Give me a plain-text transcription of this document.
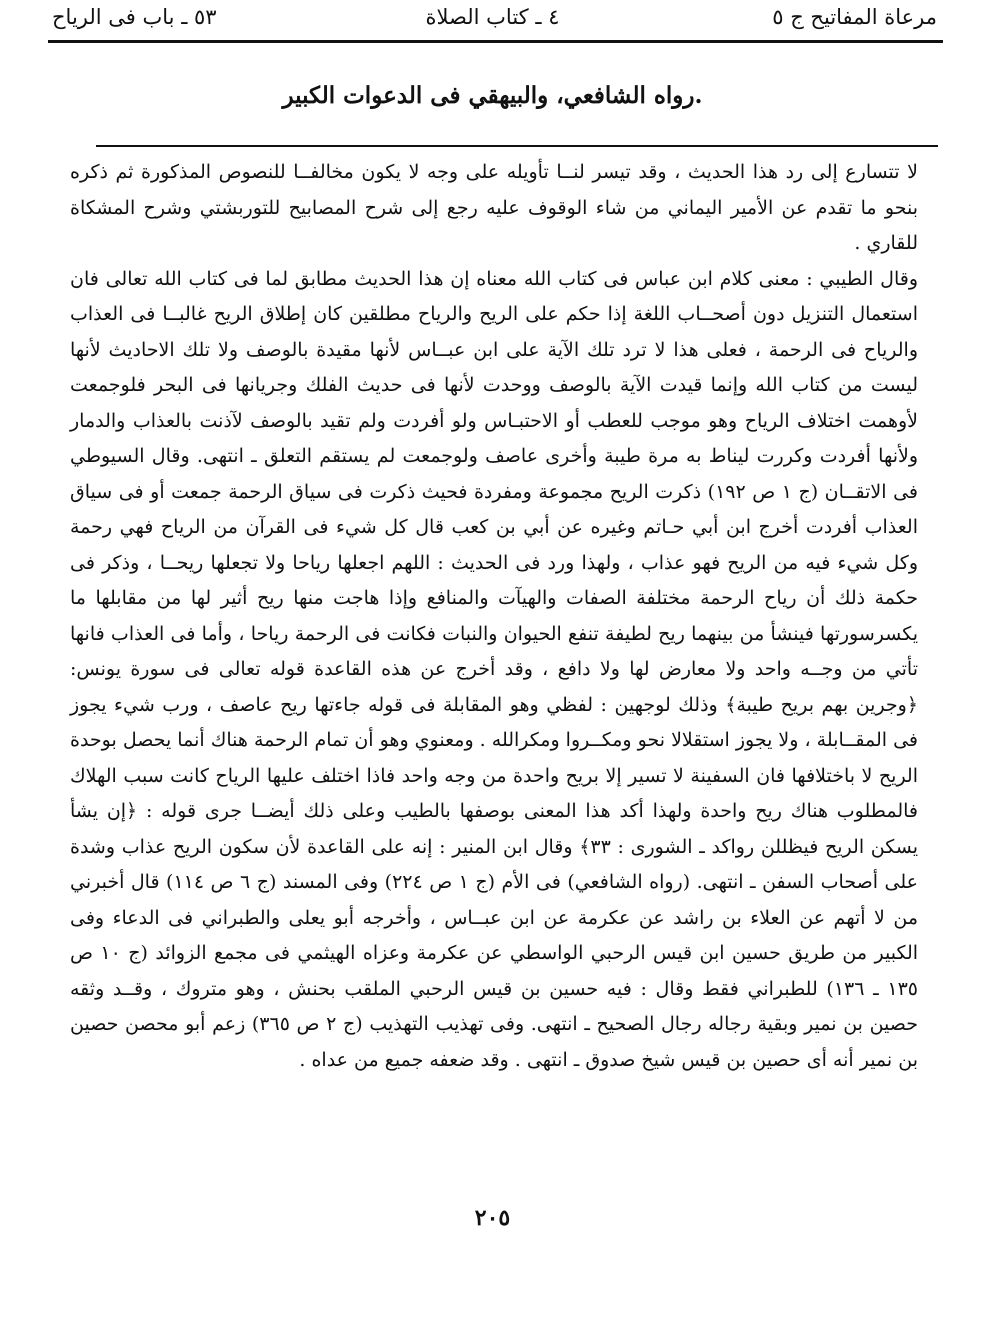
مرعاة المفاتيح ج ٥
٤ ـ كتاب الصلاة
٥٣ ـ باب فى الرياح
رواه الشافعي، والبيهقي فى الدعوات الكبير.

لا تتسارع إلى رد هذا الحديث ، وقد تيسر لنــا تأويله على وجه لا يكون مخالفــا للنصوص المذكورة ثم ذكره بنحو ما تقدم عن الأمير اليماني من شاء الوقوف عليه رجع إلى شرح المصابيح للتوربشتي وشرح المشكاة للقاري .

وقال الطيبي : معنى كلام ابن عباس فى كتاب الله معناه إن هذا الحديث مطابق لما فى كتاب الله تعالى فان استعمال التنزيل دون أصحــاب اللغة إذا حكم على الريح والرياح مطلقين كان إطلاق الريح غالبــا فى العذاب والرياح فى الرحمة ، فعلى هذا لا ترد تلك الآية على ابن عبــاس لأنها مقيدة بالوصف ولا تلك الاحاديث لأنها ليست من كتاب الله وإنما قيدت الآية بالوصف ووحدت لأنها فى حديث الفلك وجريانها فى البحر فلوجمعت لأوهمت اختلاف الرياح وهو موجب للعطب أو الاحتبـاس ولو أفردت ولم تقيد بالوصف لآذنت بالعذاب والدمار ولأنها أفردت وكررت ليناط به مرة طيبة وأخرى عاصف ولوجمعت لم يستقم التعلق ـ انتهى. وقال السيوطي فى الاتقــان (ج ١ ص ١٩٢) ذكرت الريح مجموعة ومفردة فحيث ذكرت فى سياق الرحمة جمعت أو فى سياق العذاب أفردت أخرج ابن أبي حـاتم وغيره عن أبي بن كعب قال كل شيء فى القرآن من الرياح فهي رحمة وكل شيء فيه من الريح فهو عذاب ، ولهذا ورد فى الحديث : اللهم اجعلها رياحا ولا تجعلها ريحــا ، وذكر فى حكمة ذلك أن رياح الرحمة مختلفة الصفات والهيآت والمنافع وإذا هاجت منها ريح أثير لها من مقابلها ما يكسرسورتها فينشأ من بينهما ريح لطيفة تنفع الحيوان والنبات فكانت فى الرحمة رياحا ، وأما فى العذاب فانها تأتي من وجــه واحد ولا معارض لها ولا دافع ، وقد أخرج عن هذه القاعدة قوله تعالى فى سورة يونس: ﴿وجرين بهم بريح طيبة﴾ وذلك لوجهين : لفظي وهو المقابلة فى قوله جاءتها ريح عاصف ، ورب شيء يجوز فى المقــابلة ، ولا يجوز استقلالا نحو ومكــروا ومكرالله . ومعنوي وهو أن تمام الرحمة هناك أنما يحصل بوحدة الريح لا باختلافها فان السفينة لا تسير إلا بريح واحدة من وجه واحد فاذا اختلف عليها الرياح كانت سبب الهلاك فالمطلوب هناك ريح واحدة ولهذا أكد هذا المعنى بوصفها بالطيب وعلى ذلك أيضــا جرى قوله : ﴿إن يشأ يسكن الريح فيظللن رواكد ـ الشورى : ٣٣﴾ وقال ابن المنير : إنه على القاعدة لأن سكون الريح عذاب وشدة على أصحاب السفن ـ انتهى. (رواه الشافعي) فى الأم (ج ١ ص ٢٢٤) وفى المسند (ج ٦ ص ١١٤) قال أخبرني من لا أتهم عن العلاء بن راشد عن عكرمة عن ابن عبــاس ، وأخرجه أبو يعلى والطبراني فى الدعاء وفى الكبير من طريق حسين ابن قيس الرحبي الواسطي عن عكرمة وعزاه الهيثمي فى مجمع الزوائد (ج ١٠ ص ١٣٥ ـ ١٣٦) للطبراني فقط وقال : فيه حسين بن قيس الرحبي الملقب بحنش ، وهو متروك ، وقــد وثقه حصين بن نمير وبقية رجاله رجال الصحيح ـ انتهى. وفى تهذيب التهذيب (ج ٢ ص ٣٦٥) زعم أبو محصن حصين بن نمير أنه أى حصين بن قيس شيخ صدوق ـ انتهى . وقد ضعفه جميع من عداه .

٢٠٥
